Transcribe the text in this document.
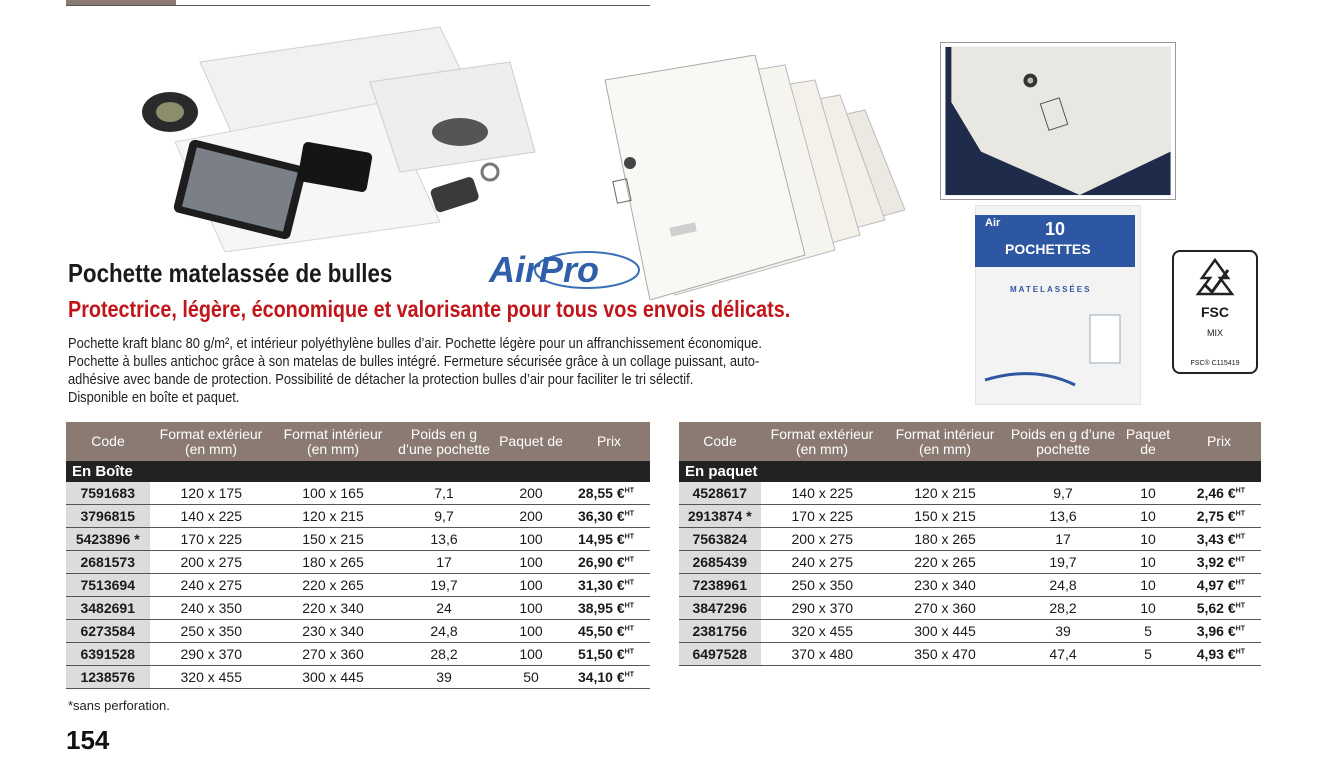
Air 10
POCHETTES
MATELASSÉES
FSC
MIX
FSC® C115419
Pochette matelassée de bulles	AirPro
Protectrice, légère, économique et valorisante pour tous vos envois délicats.
Pochette kraft blanc 80 g/m², et intérieur polyéthylène bulles d’air. Pochette légère pour un affranchissement économique.
Pochette à bulles antichoc grâce à son matelas de bulles intégré. Fermeture sécurisée grâce à un collage puissant, auto-
adhésive avec bande de protection. Possibilité de détacher la protection bulles d’air pour faciliter le tri sélectif.
Disponible en boîte et paquet.
Code	Format extérieur (en mm)	Format intérieur (en mm)	Poids en g d’une pochette	Paquet de	Prix
En Boîte					
7591683	120 x 175	100 x 165	7,1	200	28,55 €$^{HT}$
3796815	140 x 225	120 x 215	9,7	200	36,30 €$^{HT}$
5423896 *	170 x 225	150 x 215	13,6	100	14,95 €$^{HT}$
2681573	200 x 275	180 x 265	17	100	26,90 €$^{HT}$
7513694	240 x 275	220 x 265	19,7	100	31,30 €$^{HT}$
3482691	240 x 350	220 x 340	24	100	38,95 €$^{HT}$
6273584	250 x 350	230 x 340	24,8	100	45,50 €$^{HT}$
6391528	290 x 370	270 x 360	28,2	100	51,50 €$^{HT}$
1238576	320 x 455	300 x 445	39	50	34,10 €$^{HT}$
Code	Format extérieur (en mm)	Format intérieur (en mm)	Poids en g d’une pochette	Paquet de	Prix
En paquet					
4528617	140 x 225	120 x 215	9,7	10	2,46 €$^{HT}$
2913874 *	170 x 225	150 x 215	13,6	10	2,75 €$^{HT}$
7563824	200 x 275	180 x 265	17	10	3,43 €$^{HT}$
2685439	240 x 275	220 x 265	19,7	10	3,92 €$^{HT}$
7238961	250 x 350	230 x 340	24,8	10	4,97 €$^{HT}$
3847296	290 x 370	270 x 360	28,2	10	5,62 €$^{HT}$
2381756	320 x 455	300 x 445	39	5	3,96 €$^{HT}$
6497528	370 x 480	350 x 470	47,4	5	4,93 €$^{HT}$
*sans perforation.
154
